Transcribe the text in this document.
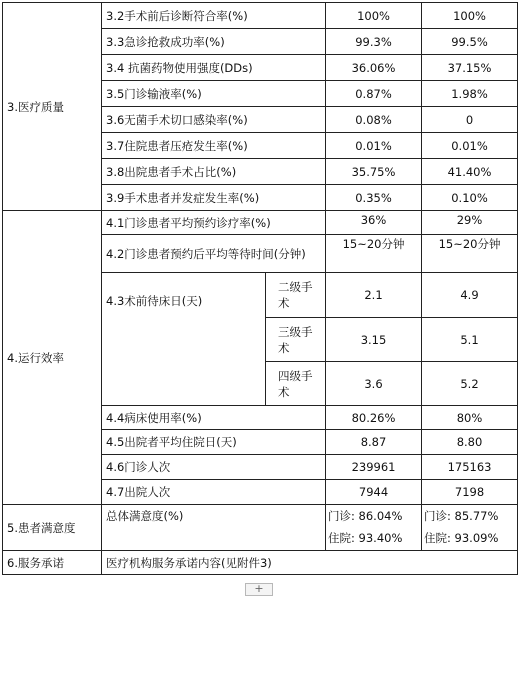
3.医疗质量	3.2手术前后诊断符合率(%)		100%	100%
	3.3急诊抢救成功率(%)		99.3%	99.5%
	3.4 抗菌药物使用强度(DDs)		36.06%	37.15%
	3.5门诊输液率(%)		0.87%	1.98%
	3.6无菌手术切口感染率(%)		0.08%	0
	3.7住院患者压疮发生率(%)		0.01%	0.01%
	3.8出院患者手术占比(%)		35.75%	41.40%
	3.9手术患者并发症发生率(%)		0.35%	0.10%
4.运行效率	4.1门诊患者平均预约诊疗率(%)		36%	29%
	4.2门诊患者预约后平均等待时间(分钟)		15~20分钟	15~20分钟
	4.3术前待床日(天)	二级手术	2.1	4.9
		三级手术	3.15	5.1
		四级手术	3.6	5.2
	4.4病床使用率(%)		80.26%	80%
	4.5出院者平均住院日(天)		8.87	8.80
	4.6门诊人次		239961	175163
	4.7出院人次		7944	7198
5.患者满意度	总体满意度(%)		门诊: 86.04%	门诊: 85.77%
			住院: 93.40%	住院: 93.09%
6.服务承诺	医疗机构服务承诺内容(见附件3)			
+
